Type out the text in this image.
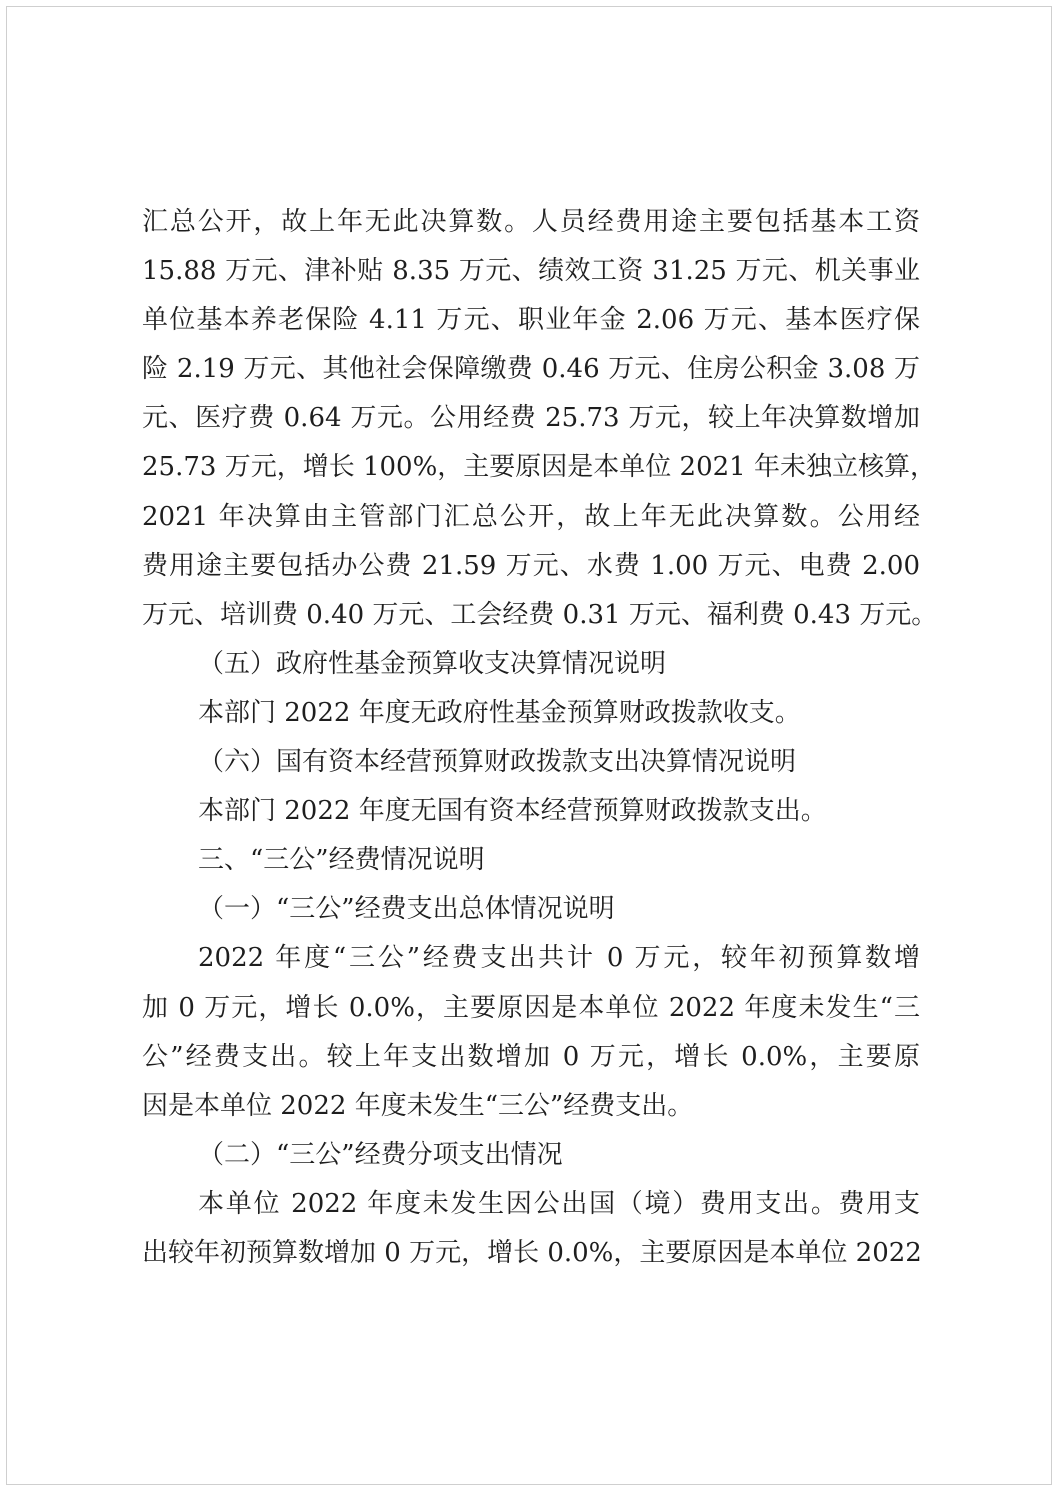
汇总公开，故上年无此决算数。人员经费用途主要包括基本工资
15.88 万元、津补贴 8.35 万元、绩效工资 31.25 万元、机关事业
单位基本养老保险 4.11 万元、职业年金 2.06 万元、基本医疗保
险 2.19 万元、其他社会保障缴费 0.46 万元、住房公积金 3.08 万
元、医疗费 0.64 万元。公用经费 25.73 万元，较上年决算数增加
25.73 万元，增长 100%，主要原因是本单位 2021 年未独立核算，
2021 年决算由主管部门汇总公开，故上年无此决算数。公用经
费用途主要包括办公费 21.59 万元、水费 1.00 万元、电费 2.00
万元、培训费 0.40 万元、工会经费 0.31 万元、福利费 0.43 万元。
（五）政府性基金预算收支决算情况说明
本部门 2022 年度无政府性基金预算财政拨款收支。
（六）国有资本经营预算财政拨款支出决算情况说明
本部门 2022 年度无国有资本经营预算财政拨款支出。
三、“三公”经费情况说明
（一）“三公”经费支出总体情况说明
2022 年度“三公”经费支出共计 0 万元，较年初预算数增
加 0 万元，增长 0.0%，主要原因是本单位 2022 年度未发生“三
公”经费支出。较上年支出数增加 0 万元，增长 0.0%，主要原
因是本单位 2022 年度未发生“三公”经费支出。
（二）“三公”经费分项支出情况
本单位 2022 年度未发生因公出国（境）费用支出。费用支
出较年初预算数增加 0 万元，增长 0.0%，主要原因是本单位 2022
